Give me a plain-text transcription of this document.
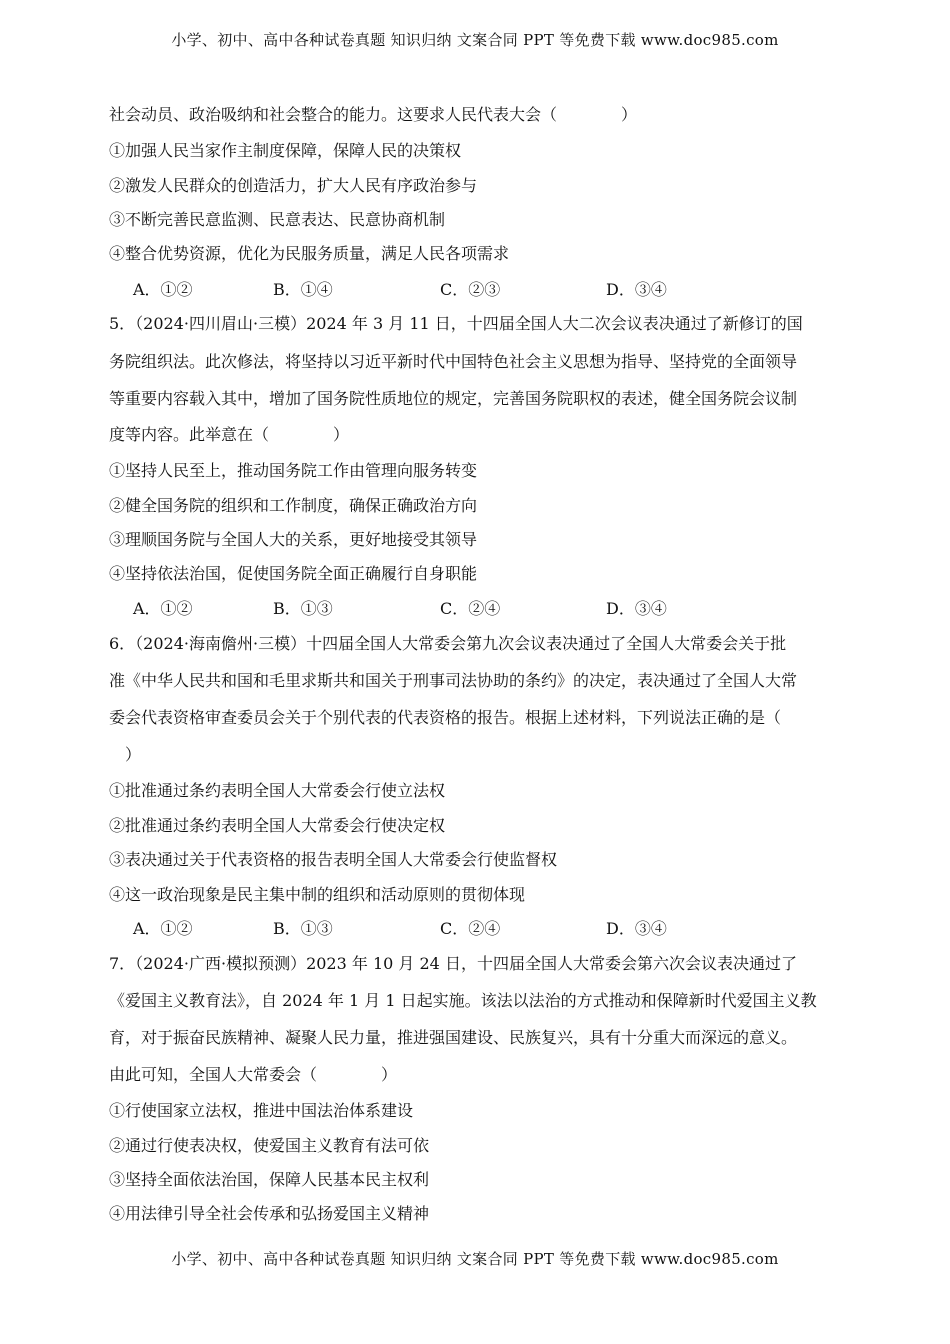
小学、初中、高中各种试卷真题 知识归纳 文案合同 PPT 等免费下载 www.doc985.com
社会动员、政治吸纳和社会整合的能力。这要求人民代表大会（　　　　）
①加强人民当家作主制度保障，保障人民的决策权
②激发人民群众的创造活力，扩大人民有序政治参与
③不断完善民意监测、民意表达、民意协商机制
④整合优势资源，优化为民服务质量，满足人民各项需求
A．①②	B．①④	C．②③	D．③④
5．（2024·四川眉山·三模）2024 年 3 月 11 日，十四届全国人大二次会议表决通过了新修订的国
务院组织法。此次修法，将坚持以习近平新时代中国特色社会主义思想为指导、坚持党的全面领导
等重要内容载入其中，增加了国务院性质地位的规定，完善国务院职权的表述，健全国务院会议制
度等内容。此举意在（　　　　）
①坚持人民至上，推动国务院工作由管理向服务转变
②健全国务院的组织和工作制度，确保正确政治方向
③理顺国务院与全国人大的关系，更好地接受其领导
④坚持依法治国，促使国务院全面正确履行自身职能
A．①②	B．①③	C．②④	D．③④
6．（2024·海南儋州·三模）十四届全国人大常委会第九次会议表决通过了全国人大常委会关于批
准《中华人民共和国和毛里求斯共和国关于刑事司法协助的条约》的决定，表决通过了全国人大常
委会代表资格审查委员会关于个别代表的代表资格的报告。根据上述材料，下列说法正确的是（
　）
①批准通过条约表明全国人大常委会行使立法权
②批准通过条约表明全国人大常委会行使决定权
③表决通过关于代表资格的报告表明全国人大常委会行使监督权
④这一政治现象是民主集中制的组织和活动原则的贯彻体现
A．①②	B．①③	C．②④	D．③④
7．（2024·广西·模拟预测）2023 年 10 月 24 日，十四届全国人大常委会第六次会议表决通过了
《爱国主义教育法》，自 2024 年 1 月 1 日起实施。该法以法治的方式推动和保障新时代爱国主义教
育，对于振奋民族精神、凝聚人民力量，推进强国建设、民族复兴，具有十分重大而深远的意义。
由此可知，全国人大常委会（　　　　）
①行使国家立法权，推进中国法治体系建设
②通过行使表决权，使爱国主义教育有法可依
③坚持全面依法治国，保障人民基本民主权利
④用法律引导全社会传承和弘扬爱国主义精神
小学、初中、高中各种试卷真题 知识归纳 文案合同 PPT 等免费下载 www.doc985.com
